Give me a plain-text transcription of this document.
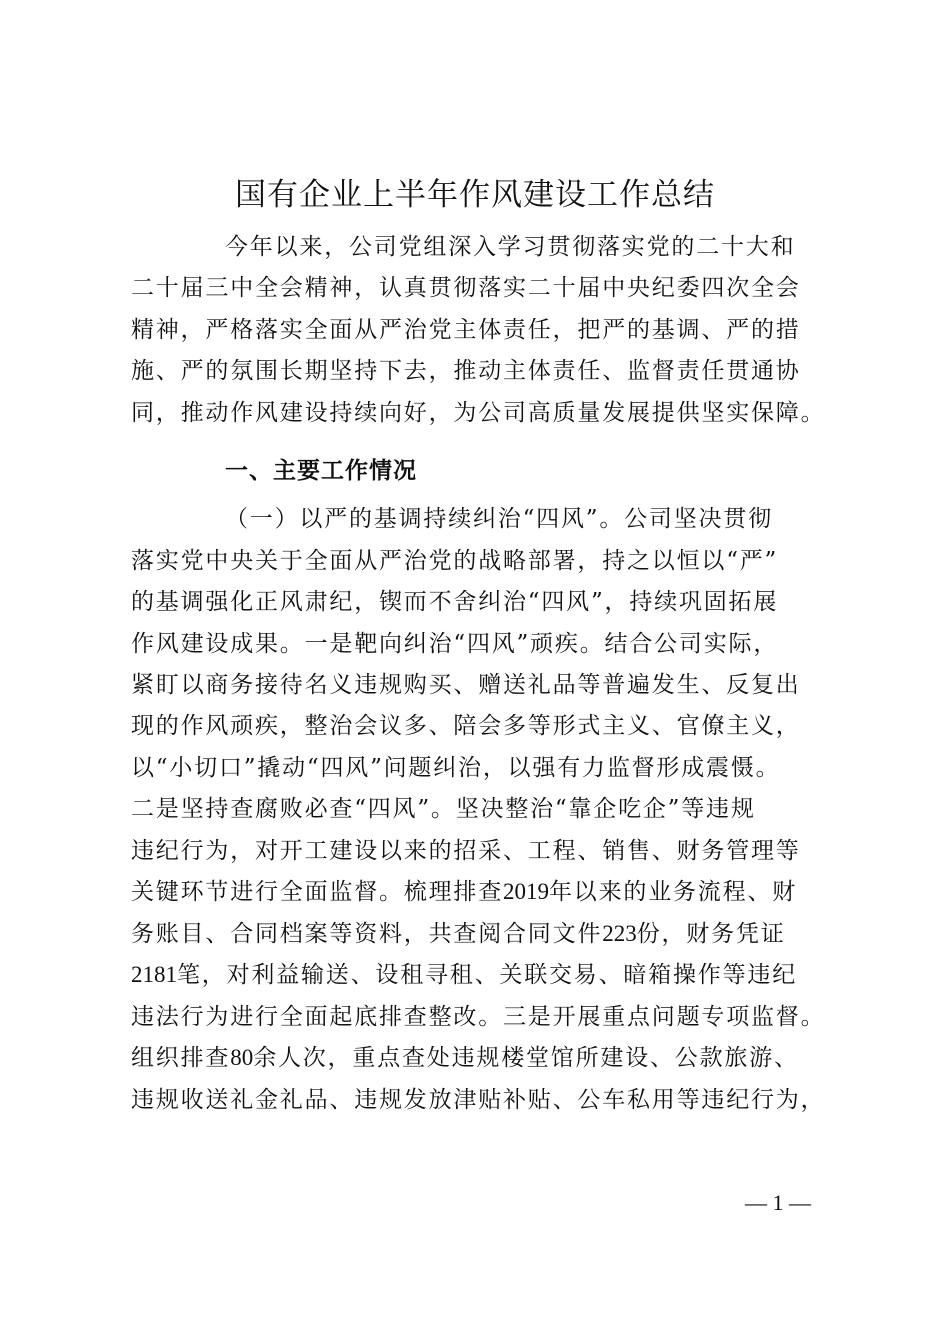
国有企业上半年作风建设工作总结
今年以来，公司党组深入学习贯彻落实党的二十大和
二十届三中全会精神，认真贯彻落实二十届中央纪委四次全会
精神，严格落实全面从严治党主体责任，把严的基调、严的措
施、严的氛围长期坚持下去，推动主体责任、监督责任贯通协
同，推动作风建设持续向好，为公司高质量发展提供坚实保障。
一、主要工作情况
（一）以严的基调持续纠治“四风”。公司坚决贯彻
落实党中央关于全面从严治党的战略部署，持之以恒以“严”
的基调强化正风肃纪，锲而不舍纠治“四风”，持续巩固拓展
作风建设成果。一是靶向纠治“四风”顽疾。结合公司实际，
紧盯以商务接待名义违规购买、赠送礼品等普遍发生、反复出
现的作风顽疾，整治会议多、陪会多等形式主义、官僚主义，
以“小切口”撬动“四风”问题纠治，以强有力监督形成震慑。
二是坚持查腐败必查“四风”。坚决整治“靠企吃企”等违规
违纪行为，对开工建设以来的招采、工程、销售、财务管理等
关键环节进行全面监督。梳理排查2019年以来的业务流程、财
务账目、合同档案等资料，共查阅合同文件223份，财务凭证
2181笔，对利益输送、设租寻租、关联交易、暗箱操作等违纪
违法行为进行全面起底排查整改。三是开展重点问题专项监督。
组织排查80余人次，重点查处违规楼堂馆所建设、公款旅游、
违规收送礼金礼品、违规发放津贴补贴、公车私用等违纪行为，
— 1 —
